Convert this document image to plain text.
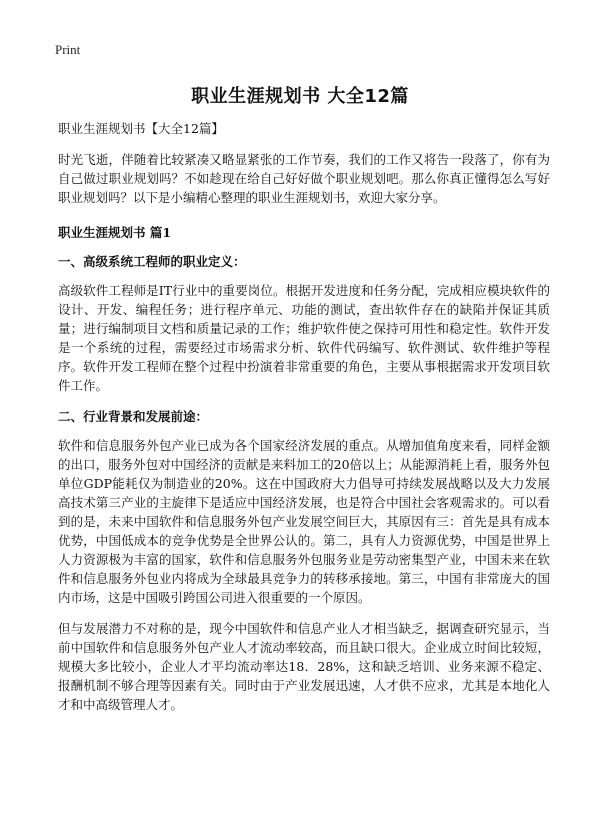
Print
职业生涯规划书 大全12篇

职业生涯规划书【大全12篇】

时光飞逝，伴随着比较紧凑又略显紧张的工作节奏，我们的工作又将告一段落了，你有为自己做过职业规划吗？不如趁现在给自己好好做个职业规划吧。那么你真正懂得怎么写好职业规划吗？以下是小编精心整理的职业生涯规划书，欢迎大家分享。

职业生涯规划书 篇1

一、高级系统工程师的职业定义：

高级软件工程师是IT行业中的重要岗位。根据开发进度和任务分配，完成相应模块软件的设计、开发、编程任务；进行程序单元、功能的测试，查出软件存在的缺陷并保证其质量；进行编制项目文档和质量记录的工作；维护软件使之保持可用性和稳定性。软件开发是一个系统的过程，需要经过市场需求分析、软件代码编写、软件测试、软件维护等程序。软件开发工程师在整个过程中扮演着非常重要的角色，主要从事根据需求开发项目软件工作。

二、行业背景和发展前途：

软件和信息服务外包产业已成为各个国家经济发展的重点。从增加值角度来看，同样金额的出口，服务外包对中国经济的贡献是来料加工的20倍以上；从能源消耗上看，服务外包单位GDP能耗仅为制造业的20%。这在中国政府大力倡导可持续发展战略以及大力发展高技术第三产业的主旋律下是适应中国经济发展，也是符合中国社会客观需求的。可以看到的是，未来中国软件和信息服务外包产业发展空间巨大，其原因有三：首先是具有成本优势，中国低成本的竞争优势是全世界公认的。第二，具有人力资源优势，中国是世界上人力资源极为丰富的国家，软件和信息服务外包服务业是劳动密集型产业，中国未来在软件和信息服务外包业内将成为全球最具竞争力的转移承接地。第三，中国有非常庞大的国内市场，这是中国吸引跨国公司进入很重要的一个原因。

但与发展潜力不对称的是，现今中国软件和信息产业人才相当缺乏，据调查研究显示，当前中国软件和信息服务外包产业人才流动率较高，而且缺口很大。企业成立时间比较短，规模大多比较小，企业人才平均流动率达18．28%，这和缺乏培训、业务来源不稳定、报酬机制不够合理等因素有关。同时由于产业发展迅速，人才供不应求，尤其是本地化人才和中高级管理人才。
